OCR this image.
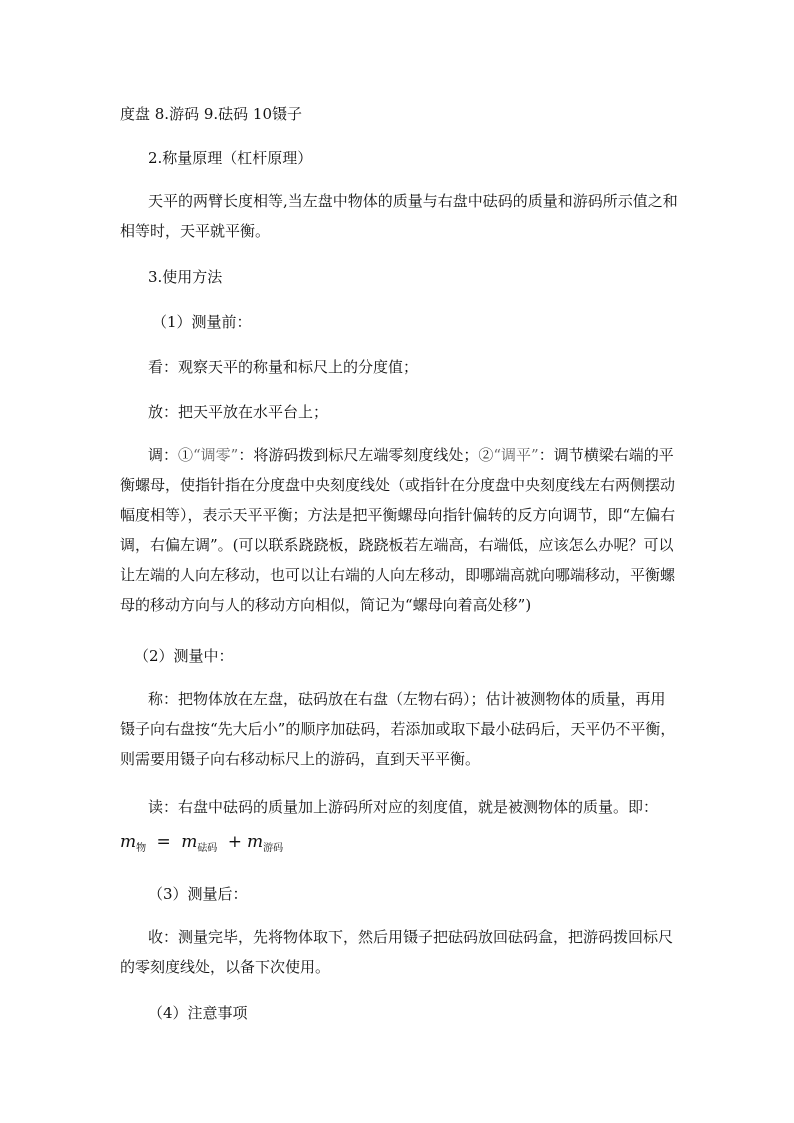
度盘 8.游码 9.砝码 10镊子
2.称量原理（杠杆原理）
天平的两臂长度相等,当左盘中物体的质量与右盘中砝码的质量和游码所示值之和相等时，天平就平衡。
3.使用方法
（1）测量前：
看：观察天平的称量和标尺上的分度值；
放：把天平放在水平台上；
调：①“调零”：将游码拨到标尺左端零刻度线处；②“调平”：调节横梁右端的平衡螺母，使指针指在分度盘中央刻度线处（或指针在分度盘中央刻度线左右两侧摆动幅度相等），表示天平平衡；方法是把平衡螺母向指针偏转的反方向调节，即“左偏右调，右偏左调”。(可以联系跷跷板，跷跷板若左端高，右端低，应该怎么办呢？可以让左端的人向左移动，也可以让右端的人向左移动，即哪端高就向哪端移动，平衡螺母的移动方向与人的移动方向相似，简记为“螺母向着高处移”)
（2）测量中：
称：把物体放在左盘，砝码放在右盘（左物右码）；估计被测物体的质量，再用镊子向右盘按“先大后小”的顺序加砝码，若添加或取下最小砝码后，天平仍不平衡，则需要用镊子向右移动标尺上的游码，直到天平平衡。
读：右盘中砝码的质量加上游码所对应的刻度值，就是被测物体的质量。即：
$m_物 = m_{砝码} + m_{游码}$
（3）测量后：
收：测量完毕，先将物体取下，然后用镊子把砝码放回砝码盒，把游码拨回标尺的零刻度线处，以备下次使用。
（4）注意事项
